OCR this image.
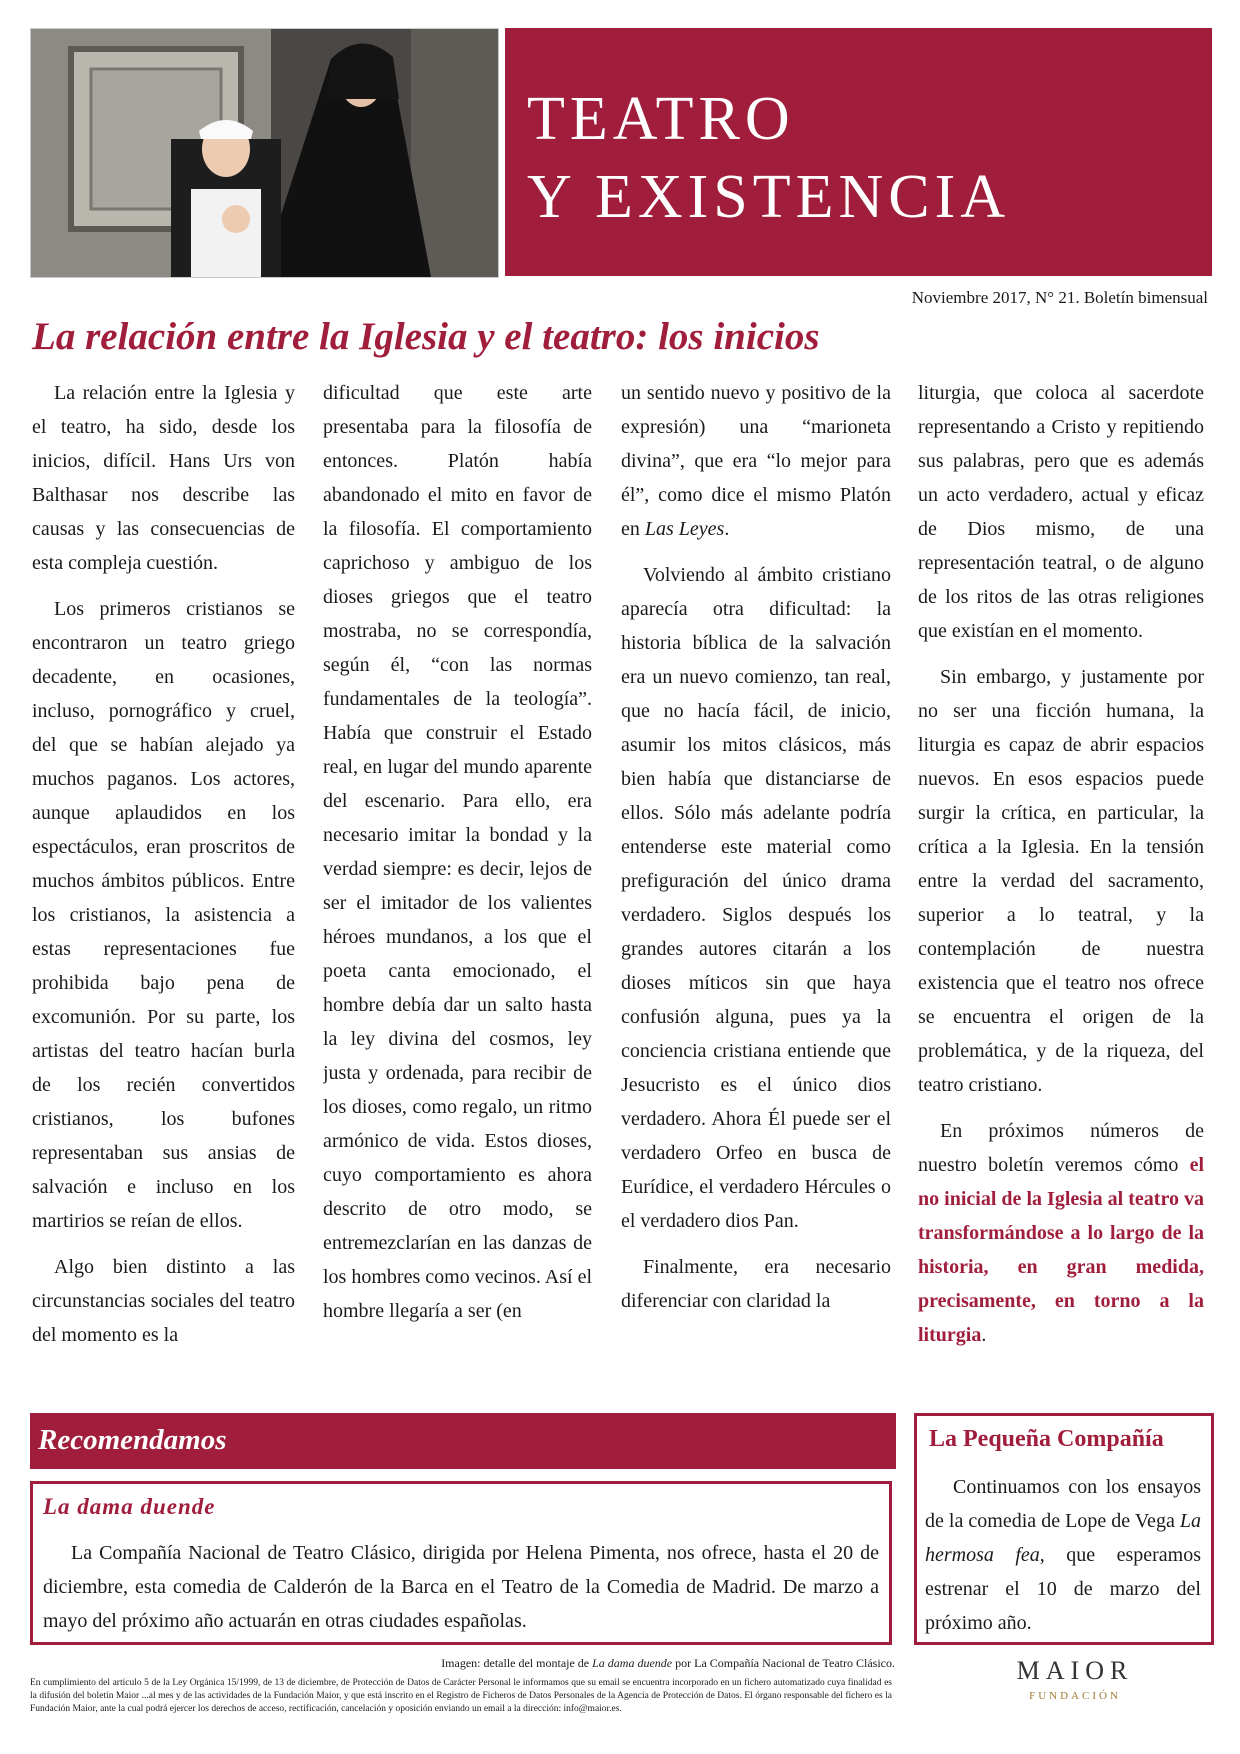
TEATRO
Y EXISTENCIA
Noviembre 2017, N° 21. Boletín bimensual
La relación entre la Iglesia y el teatro: los inicios

La relación entre la Iglesia y el teatro, ha sido, desde los inicios, difícil. Hans Urs von Balthasar nos describe las causas y las consecuencias de esta compleja cuestión.

Los primeros cristianos se encontraron un teatro griego decadente, en ocasiones, incluso, pornográfico y cruel, del que se habían alejado ya muchos paganos. Los actores, aunque aplaudidos en los espectáculos, eran proscritos de muchos ámbitos públicos. Entre los cristianos, la asistencia a estas representaciones fue prohibida bajo pena de excomunión. Por su parte, los artistas del teatro hacían burla de los recién convertidos cristianos, los bufones representaban sus ansias de salvación e incluso en los martirios se reían de ellos.

Algo bien distinto a las circunstancias sociales del teatro del momento es la

dificultad que este arte presentaba para la filosofía de entonces. Platón había abandonado el mito en favor de la filosofía. El comportamiento caprichoso y ambiguo de los dioses griegos que el teatro mostraba, no se correspondía, según él, “con las normas fundamentales de la teología”. Había que construir el Estado real, en lugar del mundo aparente del escenario. Para ello, era necesario imitar la bondad y la verdad siempre: es decir, lejos de ser el imitador de los valientes héroes mundanos, a los que el poeta canta emocionado, el hombre debía dar un salto hasta la ley divina del cosmos, ley justa y ordenada, para recibir de los dioses, como regalo, un ritmo armónico de vida. Estos dioses, cuyo comportamiento es ahora descrito de otro modo, se entremezclarían en las danzas de los hombres como vecinos. Así el hombre llegaría a ser (en

un sentido nuevo y positivo de la expresión) una “marioneta divina”, que era “lo mejor para él”, como dice el mismo Platón en Las Leyes.

Volviendo al ámbito cristiano aparecía otra dificultad: la historia bíblica de la salvación era un nuevo comienzo, tan real, que no hacía fácil, de inicio, asumir los mitos clásicos, más bien había que distanciarse de ellos. Sólo más adelante podría entenderse este material como prefiguración del único drama verdadero. Siglos después los grandes autores citarán a los dioses míticos sin que haya confusión alguna, pues ya la conciencia cristiana entiende que Jesucristo es el único dios verdadero. Ahora Él puede ser el verdadero Orfeo en busca de Eurídice, el verdadero Hércules o el verdadero dios Pan.

Finalmente, era necesario diferenciar con claridad la

liturgia, que coloca al sacerdote representando a Cristo y repitiendo sus palabras, pero que es además un acto verdadero, actual y eficaz de Dios mismo, de una representación teatral, o de alguno de los ritos de las otras religiones que existían en el momento.

Sin embargo, y justamente por no ser una ficción humana, la liturgia es capaz de abrir espacios nuevos. En esos espacios puede surgir la crítica, en particular, la crítica a la Iglesia. En la tensión entre la verdad del sacramento, superior a lo teatral, y la contemplación de nuestra existencia que el teatro nos ofrece se encuentra el origen de la problemática, y de la riqueza, del teatro cristiano.

En próximos números de nuestro boletín veremos cómo el no inicial de la Iglesia al teatro va transformándose a lo largo de la historia, en gran medida, precisamente, en torno a la liturgia.

Recomendamos
La dama duende
La Compañía Nacional de Teatro Clásico, dirigida por Helena Pimenta, nos ofrece, hasta el 20 de diciembre, esta comedia de Calderón de la Barca en el Teatro de la Comedia de Madrid. De marzo a mayo del próximo año actuarán en otras ciudades españolas.
La Pequeña Compañía
Continuamos con los ensayos de la comedia de Lope de Vega La hermosa fea, que esperamos estrenar el 10 de marzo del próximo año.
Imagen: detalle del montaje de La dama duende por La Compañía Nacional de Teatro Clásico.
En cumplimiento del artículo 5 de la Ley Orgánica 15/1999, de 13 de diciembre, de Protección de Datos de Carácter Personal le informamos que su email se encuentra incorporado en un fichero automatizado cuya finalidad es la difusión del boletín Maior ...al mes y de las actividades de la Fundación Maior, y que está inscrito en el Registro de Ficheros de Datos Personales de la Agencia de Protección de Datos. El órgano responsable del fichero es la Fundación Maior, ante la cual podrá ejercer los derechos de acceso, rectificación, cancelación y oposición enviando un email a la dirección: info@maior.es.
MAIOR
FUNDACIÓN
